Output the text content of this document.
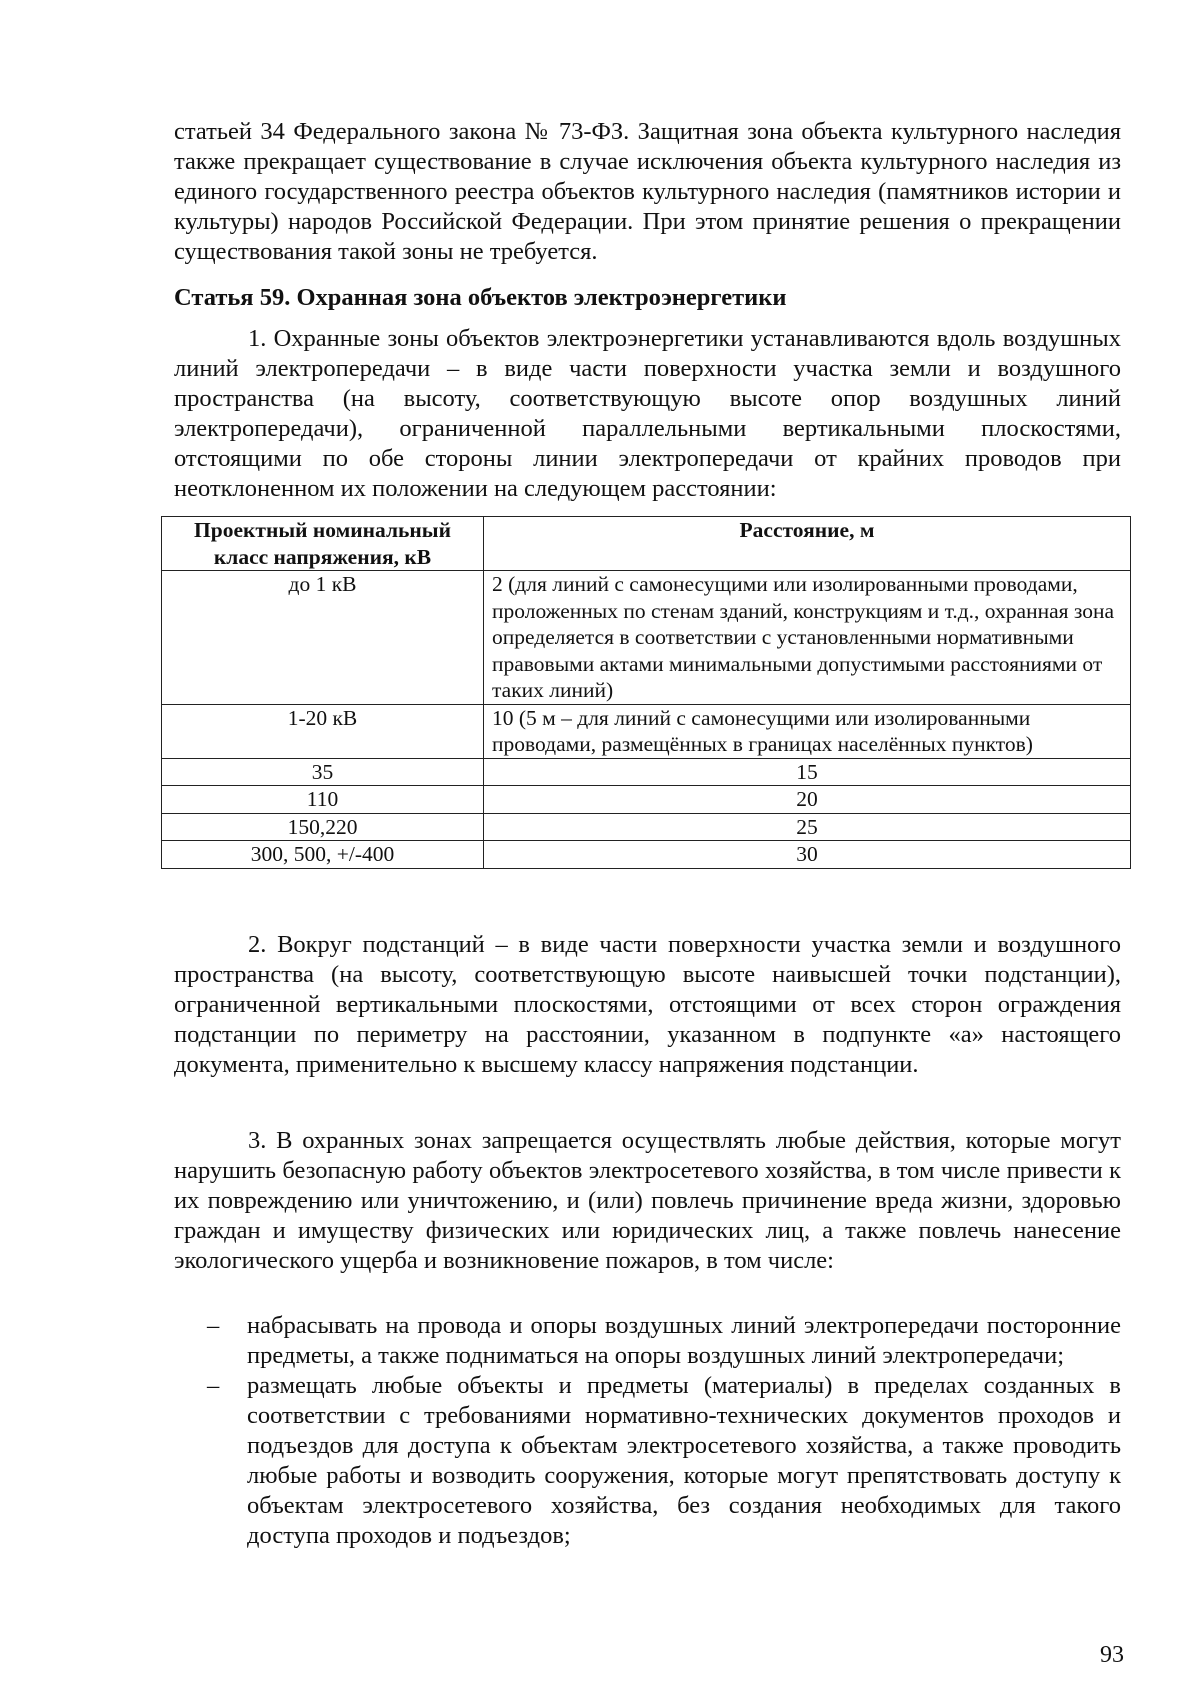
статьей 34 Федерального закона № 73-ФЗ. Защитная зона объекта культурного наследия также прекращает существование в случае исключения объекта культурного наследия из единого государственного реестра объектов культурного наследия (памятников истории и культуры) народов Российской Федерации. При этом принятие решения о прекращении существования такой зоны не требуется.

Статья 59. Охранная зона объектов электроэнергетики

1. Охранные зоны объектов электроэнергетики устанавливаются вдоль воздушных линий электропередачи – в виде части поверхности участка земли и воздушного пространства (на высоту, соответствующую высоте опор воздушных линий электропередачи), ограниченной параллельными вертикальными плоскостями, отстоящими по обе стороны линии электропередачи от крайних проводов при неотклоненном их положении на следующем расстоянии:

Проектный номинальный класс напряжения, кВ	Расстояние, м
до 1 кВ	2 (для линий с самонесущими или изолированными проводами, проложенных по стенам зданий, конструкциям и т.д., охранная зона определяется в соответствии с установленными нормативными правовыми актами минимальными допустимыми расстояниями от таких линий)
1-20 кВ	10 (5 м – для линий с самонесущими или изолированными проводами, размещённых в границах населённых пунктов)
35	15
110	20
150,220	25
300, 500, +/-400	30

2. Вокруг подстанций – в виде части поверхности участка земли и воздушного пространства (на высоту, соответствующую высоте наивысшей точки подстанции), ограниченной вертикальными плоскостями, отстоящими от всех сторон ограждения подстанции по периметру на расстоянии, указанном в подпункте «а» настоящего документа, применительно к высшему классу напряжения подстанции.

3. В охранных зонах запрещается осуществлять любые действия, которые могут нарушить безопасную работу объектов электросетевого хозяйства, в том числе привести к их повреждению или уничтожению, и (или) повлечь причинение вреда жизни, здоровью граждан и имуществу физических или юридических лиц, а также повлечь нанесение экологического ущерба и возникновение пожаров, в том числе:

– набрасывать на провода и опоры воздушных линий электропередачи посторонние предметы, а также подниматься на опоры воздушных линий электропередачи;
– размещать любые объекты и предметы (материалы) в пределах созданных в соответствии с требованиями нормативно-технических документов проходов и подъездов для доступа к объектам электросетевого хозяйства, а также проводить любые работы и возводить сооружения, которые могут препятствовать доступу к объектам электросетевого хозяйства, без создания необходимых для такого доступа проходов и подъездов;
93
